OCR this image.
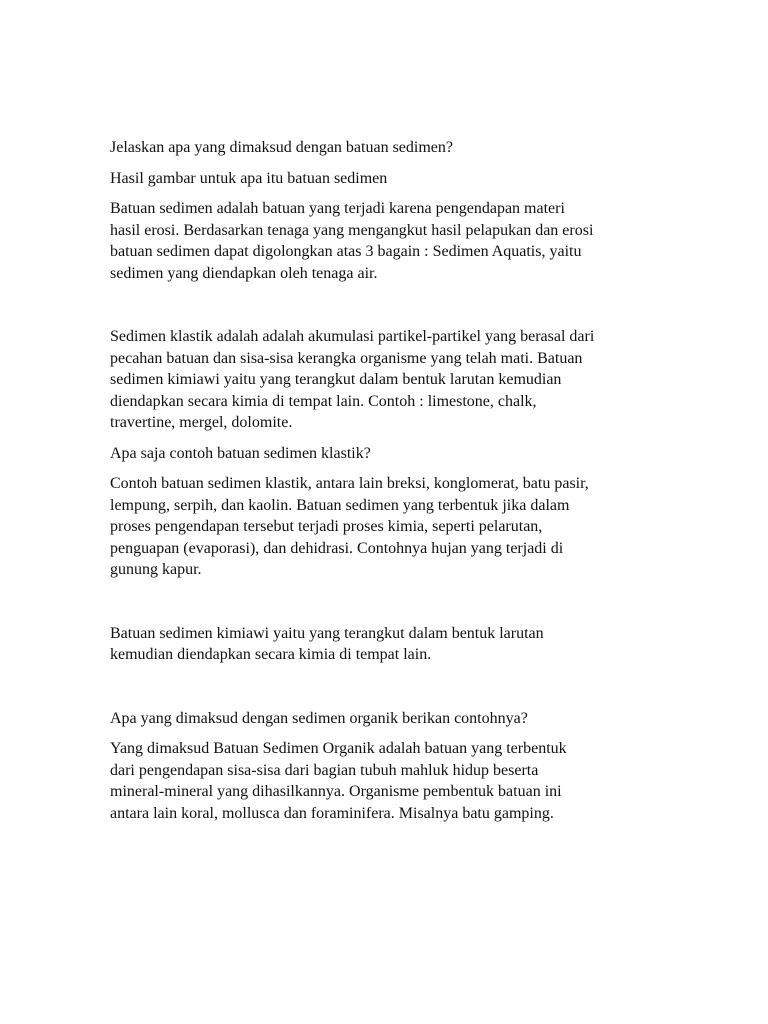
Jelaskan apa yang dimaksud dengan batuan sedimen?

Hasil gambar untuk apa itu batuan sedimen

Batuan sedimen adalah batuan yang terjadi karena pengendapan materi
hasil erosi. Berdasarkan tenaga yang mengangkut hasil pelapukan dan erosi
batuan sedimen dapat digolongkan atas 3 bagain : Sedimen Aquatis, yaitu
sedimen yang diendapkan oleh tenaga air.

Sedimen klastik adalah adalah akumulasi partikel-partikel yang berasal dari
pecahan batuan dan sisa-sisa kerangka organisme yang telah mati. Batuan
sedimen kimiawi yaitu yang terangkut dalam bentuk larutan kemudian
diendapkan secara kimia di tempat lain. Contoh : limestone, chalk,
travertine, mergel, dolomite.

Apa saja contoh batuan sedimen klastik?

Contoh batuan sedimen klastik, antara lain breksi, konglomerat, batu pasir,
lempung, serpih, dan kaolin. Batuan sedimen yang terbentuk jika dalam
proses pengendapan tersebut terjadi proses kimia, seperti pelarutan,
penguapan (evaporasi), dan dehidrasi. Contohnya hujan yang terjadi di
gunung kapur.

Batuan sedimen kimiawi yaitu yang terangkut dalam bentuk larutan
kemudian diendapkan secara kimia di tempat lain.

Apa yang dimaksud dengan sedimen organik berikan contohnya?

Yang dimaksud Batuan Sedimen Organik adalah batuan yang terbentuk
dari pengendapan sisa-sisa dari bagian tubuh mahluk hidup beserta
mineral-mineral yang dihasilkannya. Organisme pembentuk batuan ini
antara lain koral, mollusca dan foraminifera. Misalnya batu gamping.
